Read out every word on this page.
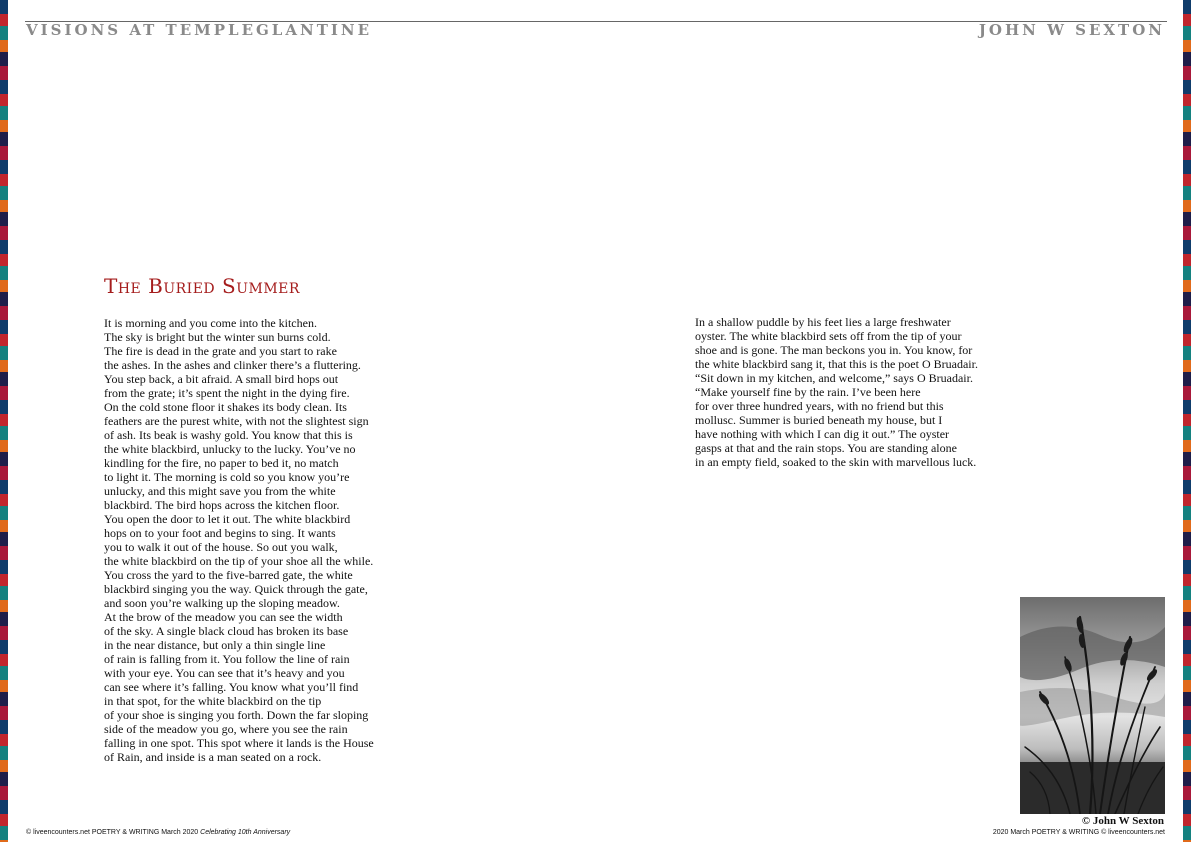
VISIONS AT TEMPLEGLANTINE	JOHN W SEXTON
The Buried Summer
It is morning and you come into the kitchen.
The sky is bright but the winter sun burns cold.
The fire is dead in the grate and you start to rake
the ashes. In the ashes and clinker there’s a fluttering.
You step back, a bit afraid. A small bird hops out
from the grate; it’s spent the night in the dying fire.
On the cold stone floor it shakes its body clean. Its
feathers are the purest white, with not the slightest sign
of ash. Its beak is washy gold. You know that this is
the white blackbird, unlucky to the lucky. You’ve no
kindling for the fire, no paper to bed it, no match
to light it. The morning is cold so you know you’re
unlucky, and this might save you from the white
blackbird. The bird hops across the kitchen floor.
You open the door to let it out. The white blackbird
hops on to your foot and begins to sing. It wants
you to walk it out of the house. So out you walk,
the white blackbird on the tip of your shoe all the while.
You cross the yard to the five-barred gate, the white
blackbird singing you the way. Quick through the gate,
and soon you’re walking up the sloping meadow.
At the brow of the meadow you can see the width
of the sky. A single black cloud has broken its base
in the near distance, but only a thin single line
of rain is falling from it. You follow the line of rain
with your eye. You can see that it’s heavy and you
can see where it’s falling. You know what you’ll find
in that spot, for the white blackbird on the tip
of your shoe is singing you forth. Down the far sloping
side of the meadow you go, where you see the rain
falling in one spot. This spot where it lands is the House
of Rain, and inside is a man seated on a rock.
In a shallow puddle by his feet lies a large freshwater
oyster. The white blackbird sets off from the tip of your
shoe and is gone. The man beckons you in. You know, for
the white blackbird sang it, that this is the poet O Bruadair.
“Sit down in my kitchen, and welcome,” says O Bruadair.
“Make yourself fine by the rain. I’ve been here
for over three hundred years, with no friend but this
mollusc. Summer is buried beneath my house, but I
have nothing with which I can dig it out.” The oyster
gasps at that and the rain stops. You are standing alone
in an empty field, soaked to the skin with marvellous luck.
© John W Sexton
© liveencounters.net POETRY & WRITING March 2020 Celebrating 10th Anniversary	2020 March POETRY & WRITING © liveencounters.net
